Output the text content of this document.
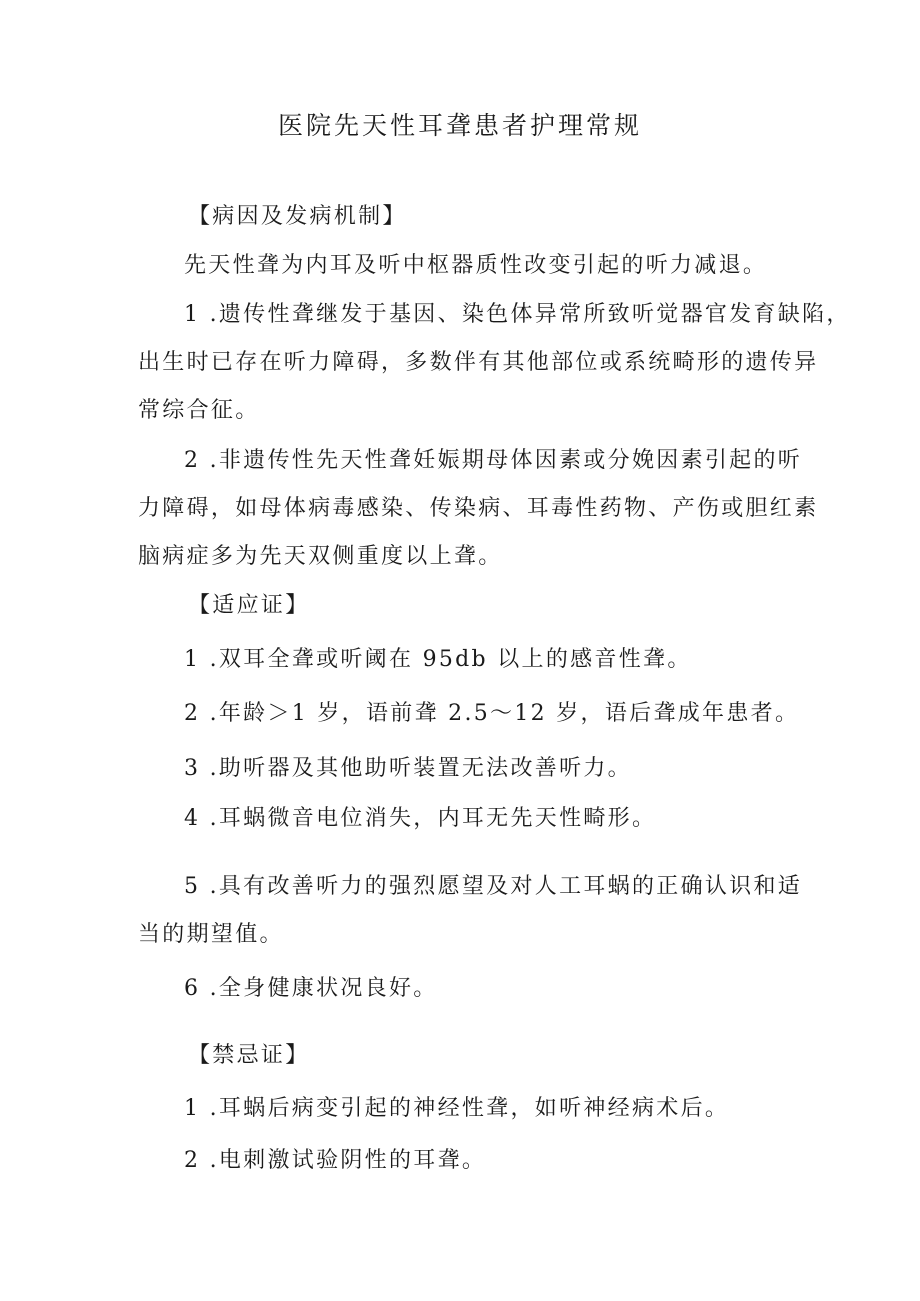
医院先天性耳聋患者护理常规
【病因及发病机制】
先天性聋为内耳及听中枢器质性改变引起的听力减退。
1 .遗传性聋继发于基因、染色体异常所致听觉器官发育缺陷，
出生时已存在听力障碍，多数伴有其他部位或系统畸形的遗传异
常综合征。
2 .非遗传性先天性聋妊娠期母体因素或分娩因素引起的听
力障碍，如母体病毒感染、传染病、耳毒性药物、产伤或胆红素
脑病症多为先天双侧重度以上聋。
【适应证】
1 .双耳全聋或听阈在 95db 以上的感音性聋。
2 .年龄＞1 岁，语前聋 2.5～12 岁，语后聋成年患者。
3 .助听器及其他助听装置无法改善听力。
4 .耳蜗微音电位消失，内耳无先天性畸形。
5 .具有改善听力的强烈愿望及对人工耳蜗的正确认识和适
当的期望值。
6 .全身健康状况良好。
【禁忌证】
1 .耳蜗后病变引起的神经性聋，如听神经病术后。
2 .电刺激试验阴性的耳聋。
